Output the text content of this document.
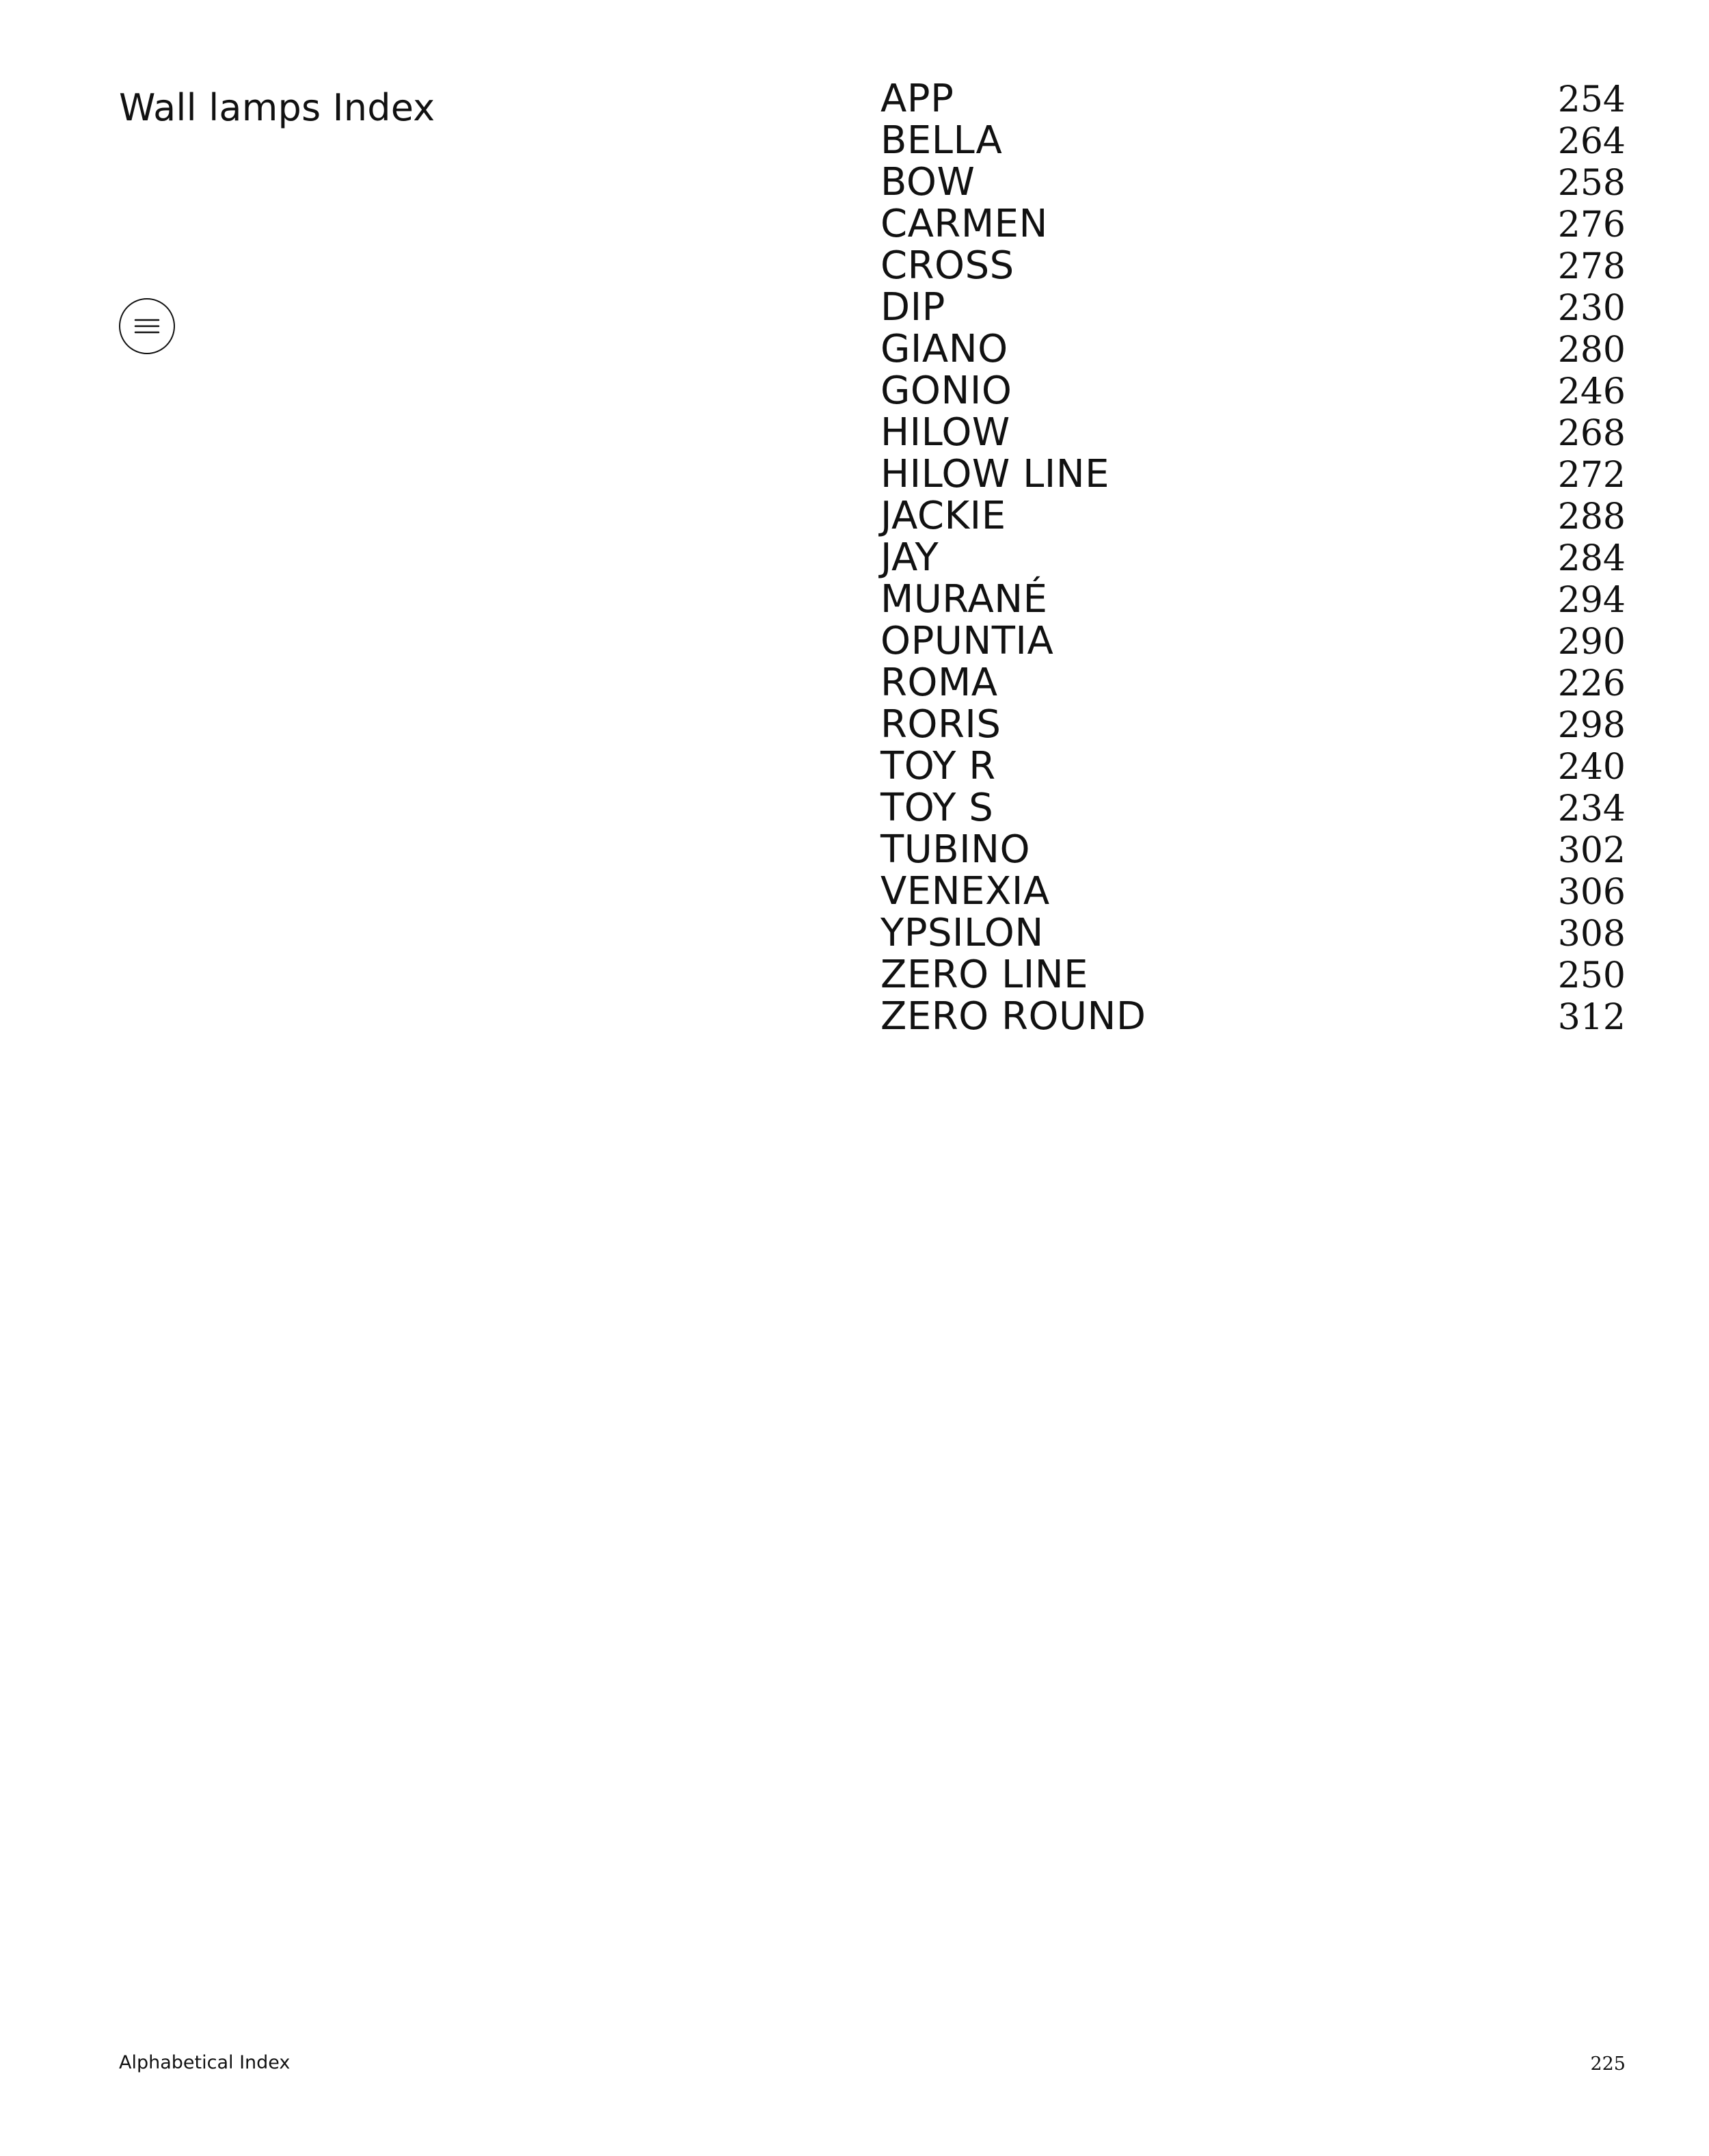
Wall lamps Index	APP	254
BELLA	264
BOW	258
CARMEN	276
CROSS	278
DIP	230
GIANO	280
GONIO	246
HILOW	268
HILOW LINE	272
JACKIE	288
JAY	284
MURANÉ	294
OPUNTIA	290
ROMA	226
RORIS	298
TOY R	240
TOY S	234
TUBINO	302
VENEXIA	306
YPSILON	308
ZERO LINE	250
ZERO ROUND	312
Alphabetical Index	225
